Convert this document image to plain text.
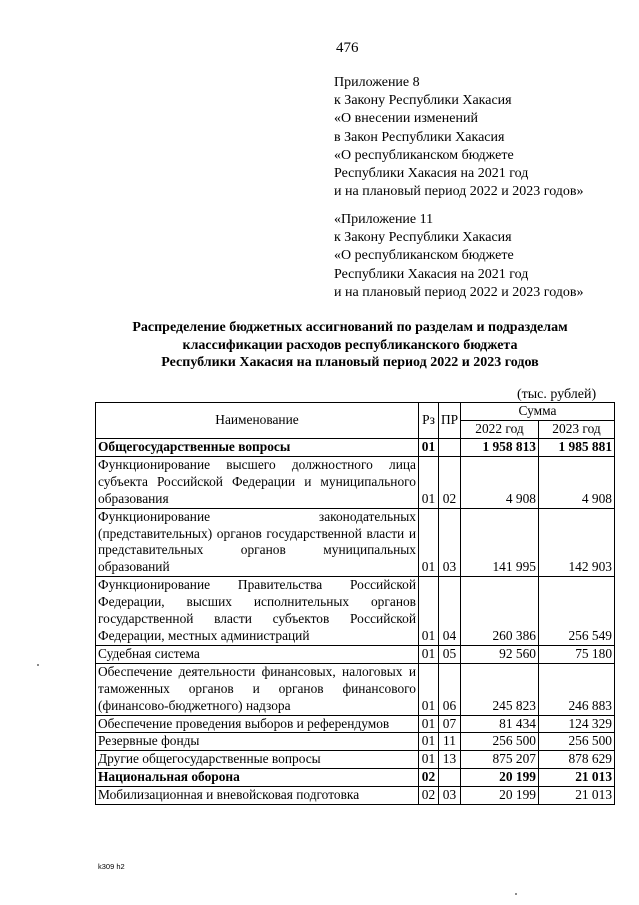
476
Приложение 8
к Закону Республики Хакасия
«О внесении изменений
в Закон Республики Хакасия
«О республиканском бюджете
Республики Хакасия на 2021 год
и на плановый период 2022 и 2023 годов»
«Приложение 11
к Закону Республики Хакасия
«О республиканском бюджете
Республики Хакасия на 2021 год
и на плановый период 2022 и 2023 годов»
Распределение бюджетных ассигнований по разделам и подразделам
классификации расходов республиканского бюджета
Республики Хакасия на плановый период 2022 и 2023 годов
(тыс. рублей)
Наименование	Рз	ПР	Сумма	
			2022 год	2023 год
Общегосударственные вопросы	01		1 958 813	1 985 881
Функционирование высшего должностного лица субъекта Российской Федерации и муниципального образования	01	02	4 908	4 908
Функционирование законодательных (представительных) органов государственной власти и представительных органов муниципальных образований	01	03	141 995	142 903
Функционирование Правительства Российской Федерации, высших исполнительных органов государственной власти субъектов Российской Федерации, местных администраций	01	04	260 386	256 549
Судебная система	01	05	92 560	75 180
Обеспечение деятельности финансовых, налоговых и таможенных органов и органов финансового (финансово-бюджетного) надзора	01	06	245 823	246 883
Обеспечение проведения выборов и референдумов	01	07	81 434	124 329
Резервные фонды	01	11	256 500	256 500
Другие общегосударственные вопросы	01	13	875 207	878 629
Национальная оборона	02		20 199	21 013
Мобилизационная и вневойсковая подготовка	02	03	20 199	21 013
k309 h2
